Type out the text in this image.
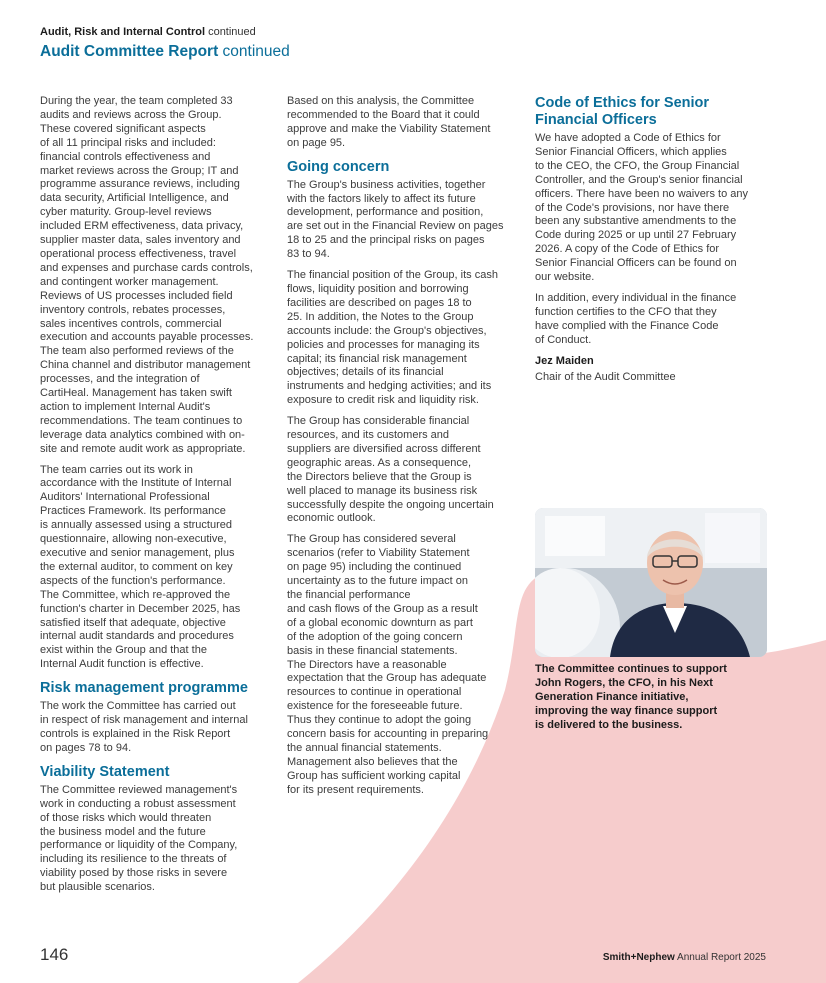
Audit, Risk and Internal Control continued
Audit Committee Report continued

During the year, the team completed 33
audits and reviews across the Group.
These covered significant aspects
of all 11 principal risks and included:
financial controls effectiveness and
market reviews across the Group; IT and
programme assurance reviews, including
data security, Artificial Intelligence, and
cyber maturity. Group-level reviews
included ERM effectiveness, data privacy,
supplier master data, sales inventory and
operational process effectiveness, travel
and expenses and purchase cards controls,
and contingent worker management.
Reviews of US processes included field
inventory controls, rebates processes,
sales incentives controls, commercial
execution and accounts payable processes.
The team also performed reviews of the
China channel and distributor management
processes, and the integration of
CartiHeal. Management has taken swift
action to implement Internal Audit's
recommendations. The team continues to
leverage data analytics combined with on-
site and remote audit work as appropriate.

The team carries out its work in
accordance with the Institute of Internal
Auditors' International Professional
Practices Framework. Its performance
is annually assessed using a structured
questionnaire, allowing non-executive,
executive and senior management, plus
the external auditor, to comment on key
aspects of the function's performance.
The Committee, which re-approved the
function's charter in December 2025, has
satisfied itself that adequate, objective
internal audit standards and procedures
exist within the Group and that the
Internal Audit function is effective.

Risk management programme

The work the Committee has carried out
in respect of risk management and internal
controls is explained in the Risk Report
on pages 78 to 94.

Viability Statement

The Committee reviewed management's
work in conducting a robust assessment
of those risks which would threaten
the business model and the future
performance or liquidity of the Company,
including its resilience to the threats of
viability posed by those risks in severe
but plausible scenarios.

Based on this analysis, the Committee
recommended to the Board that it could
approve and make the Viability Statement
on page 95.

Going concern

The Group's business activities, together
with the factors likely to affect its future
development, performance and position,
are set out in the Financial Review on pages
18 to 25 and the principal risks on pages
83 to 94.

The financial position of the Group, its cash
flows, liquidity position and borrowing
facilities are described on pages 18 to
25. In addition, the Notes to the Group
accounts include: the Group's objectives,
policies and processes for managing its
capital; its financial risk management
objectives; details of its financial
instruments and hedging activities; and its
exposure to credit risk and liquidity risk.

The Group has considerable financial
resources, and its customers and
suppliers are diversified across different
geographic areas. As a consequence,
the Directors believe that the Group is
well placed to manage its business risk
successfully despite the ongoing uncertain
economic outlook.

The Group has considered several
scenarios (refer to Viability Statement
on page 95) including the continued
uncertainty as to the future impact on
the financial performance
and cash flows of the Group as a result
of a global economic downturn as part
of the adoption of the going concern
basis in these financial statements.
The Directors have a reasonable
expectation that the Group has adequate
resources to continue in operational
existence for the foreseeable future.
Thus they continue to adopt the going
concern basis for accounting in preparing
the annual financial statements.
Management also believes that the
Group has sufficient working capital
for its present requirements.

Code of Ethics for Senior
Financial Officers

We have adopted a Code of Ethics for
Senior Financial Officers, which applies
to the CEO, the CFO, the Group Financial
Controller, and the Group's senior financial
officers. There have been no waivers to any
of the Code's provisions, nor have there
been any substantive amendments to the
Code during 2025 or up until 27 February
2026. A copy of the Code of Ethics for
Senior Financial Officers can be found on
our website.

In addition, every individual in the finance
function certifies to the CFO that they
have complied with the Finance Code
of Conduct.

Jez Maiden
Chair of the Audit Committee
The Committee continues to support
John Rogers, the CFO, in his Next
Generation Finance initiative,
improving the way finance support
is delivered to the business.
146	Smith+Nephew Annual Report 2025
